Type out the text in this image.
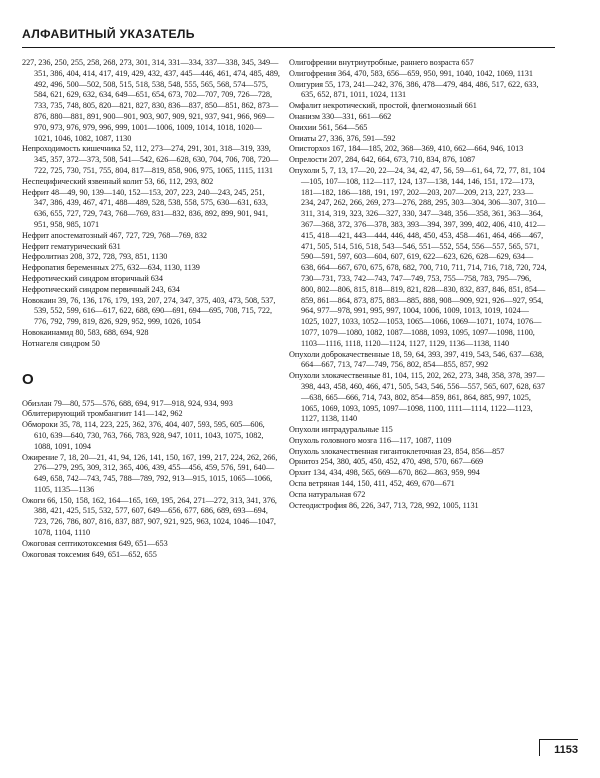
АЛФАВИТНЫЙ УКАЗАТЕЛЬ

227, 236, 250, 255, 258, 268, 273, 301, 314, 331—334, 337—338, 345, 349—351, 386, 404, 414, 417, 419, 429, 432, 437, 445—446, 461, 474, 485, 489, 492, 496, 500—502, 508, 515, 518, 538, 548, 555, 565, 568, 574—575, 584, 621, 629, 632, 634, 649—651, 654, 673, 702—707, 709, 726—728, 733, 735, 748, 805, 820—821, 827, 830, 836—837, 850—851, 862, 873—876, 880—881, 891, 900—901, 903, 907, 909, 921, 937, 941, 966, 969—970, 973, 976, 979, 996, 999, 1001—1006, 1009, 1014, 1018, 1020—1021, 1046, 1082, 1087, 1130

Непроходимость кишечника 52, 112, 273—274, 291, 301, 318—319, 339, 345, 357, 372—373, 508, 541—542, 626—628, 630, 704, 706, 708, 720—722, 725, 730, 751, 755, 804, 817—819, 858, 906, 975, 1065, 1115, 1131

Неспецифический язвенный колит 53, 66, 112, 293, 802

Нефрит 48—49, 90, 139—140, 152—153, 207, 223, 240—243, 245, 251, 347, 386, 439, 467, 471, 488—489, 528, 538, 558, 575, 630—631, 633, 636, 655, 727, 729, 743, 768—769, 831—832, 836, 892, 899, 901, 941, 951, 958, 985, 1071

Нефрит апостематозный 467, 727, 729, 768—769, 832

Нефрит гематурический 631

Нефролитиаз 208, 372, 728, 793, 851, 1130

Нефропатия беременных 275, 632—634, 1130, 1139

Нефротический синдром вторичный 634

Нефротический синдром первичный 243, 634

Новокаин 39, 76, 136, 176, 179, 193, 207, 274, 347, 375, 403, 473, 508, 537, 539, 552, 599, 616—617, 622, 688, 690—691, 694—695, 708, 715, 722, 776, 792, 799, 819, 826, 929, 952, 999, 1026, 1054

Новокаинамид 80, 583, 688, 694, 928

Нотнагеля синдром 50

О

Обизлан 79—80, 575—576, 688, 694, 917—918, 924, 934, 993

Облитерирующий тромбангиит 141—142, 962

Обмороки 35, 78, 114, 223, 225, 362, 376, 404, 407, 593, 595, 605—606, 610, 639—640, 730, 763, 766, 783, 928, 947, 1011, 1043, 1075, 1082, 1088, 1091, 1094

Ожирение 7, 18, 20—21, 41, 94, 126, 141, 150, 167, 199, 217, 224, 262, 266, 276—279, 295, 309, 312, 365, 406, 439, 455—456, 459, 576, 591, 640—649, 658, 742—743, 745, 788—789, 792, 913—915, 1015, 1065—1066, 1105, 1135—1136

Ожоги 66, 150, 158, 162, 164—165, 169, 195, 264, 271—272, 313, 341, 376, 388, 421, 425, 515, 532, 577, 607, 649—656, 677, 686, 689, 693—694, 723, 726, 786, 807, 816, 837, 887, 907, 921, 925, 963, 1024, 1046—1047, 1078, 1104, 1110

Ожоговая септикотоксемия 649, 651—653

Ожоговая токсемия 649, 651—652, 655

Олигофрении внутриутробные, раннего возраста 657

Олигофрения 364, 470, 583, 656—659, 950, 991, 1040, 1042, 1069, 1131

Олигурия 55, 173, 241—242, 376, 386, 478—479, 484, 486, 517, 622, 633, 635, 652, 871, 1011, 1024, 1131

Омфалит некротический, простой, флегмонозный 661

Онанизм 330—331, 661—662

Онихии 561, 564—565

Опиаты 27, 336, 376, 591—592

Описторхоз 167, 184—185, 202, 368—369, 410, 662—664, 946, 1013

Опрелости 207, 284, 642, 664, 673, 710, 834, 876, 1087

Опухоли 5, 7, 13, 17—20, 22—24, 34, 42, 47, 56, 59—61, 64, 72, 77, 81, 104—105, 107—108, 112—117, 124, 137—138, 144, 146, 151, 172—173, 181—182, 186—188, 191, 197, 202—203, 207—209, 213, 227, 233—234, 247, 262, 266, 269, 273—276, 288, 295, 303—304, 306—307, 310—311, 314, 319, 323, 326—327, 330, 347—348, 356—358, 361, 363—364, 367—368, 372, 376—378, 383, 393—394, 397, 399, 402, 406, 410, 412—415, 418—421, 443—444, 446, 448, 450, 453, 458—461, 464, 466—467, 471, 505, 514, 516, 518, 543—546, 551—552, 554, 556—557, 565, 571, 590—591, 597, 603—604, 607, 619, 622—623, 626, 628—629, 634—638, 664—667, 670, 675, 678, 682, 700, 710, 711, 714, 716, 718, 720, 724, 730—731, 733, 742—743, 747—749, 753, 755—758, 783, 795—796, 800, 802—806, 815, 818—819, 821, 828—830, 832, 837, 846, 851, 854—859, 861—864, 873, 875, 883—885, 888, 908—909, 921, 926—927, 954, 964, 977—978, 991, 995, 997, 1004, 1006, 1009, 1013, 1019, 1024—1025, 1027, 1033, 1052—1053, 1065—1066, 1069—1071, 1074, 1076—1077, 1079—1080, 1082, 1087—1088, 1093, 1095, 1097—1098, 1100, 1103—1116, 1118, 1120—1124, 1127, 1129, 1136—1138, 1140

Опухоли доброкачественные 18, 59, 64, 393, 397, 419, 543, 546, 637—638, 664—667, 713, 747—749, 756, 802, 854—855, 857, 992

Опухоли злокачественные 81, 104, 115, 202, 262, 273, 348, 358, 378, 397—398, 443, 458, 460, 466, 471, 505, 543, 546, 556—557, 565, 607, 628, 637—638, 665—666, 714, 743, 802, 854—859, 861, 864, 885, 997, 1025, 1065, 1069, 1093, 1095, 1097—1098, 1100, 1111—1114, 1122—1123, 1127, 1138, 1140

Опухоли интрадуральные 115

Опухоль головного мозга 116—117, 1087, 1109

Опухоль злокачественная гигантоклеточная 23, 854, 856—857

Орнитоз 254, 380, 405, 450, 452, 470, 498, 570, 667—669

Орхит 134, 434, 498, 565, 669—670, 862—863, 959, 994

Оспа ветряная 144, 150, 411, 452, 469, 670—671

Оспа натуральная 672

Остеодистрофия 86, 226, 347, 713, 728, 992, 1005, 1131

1153
